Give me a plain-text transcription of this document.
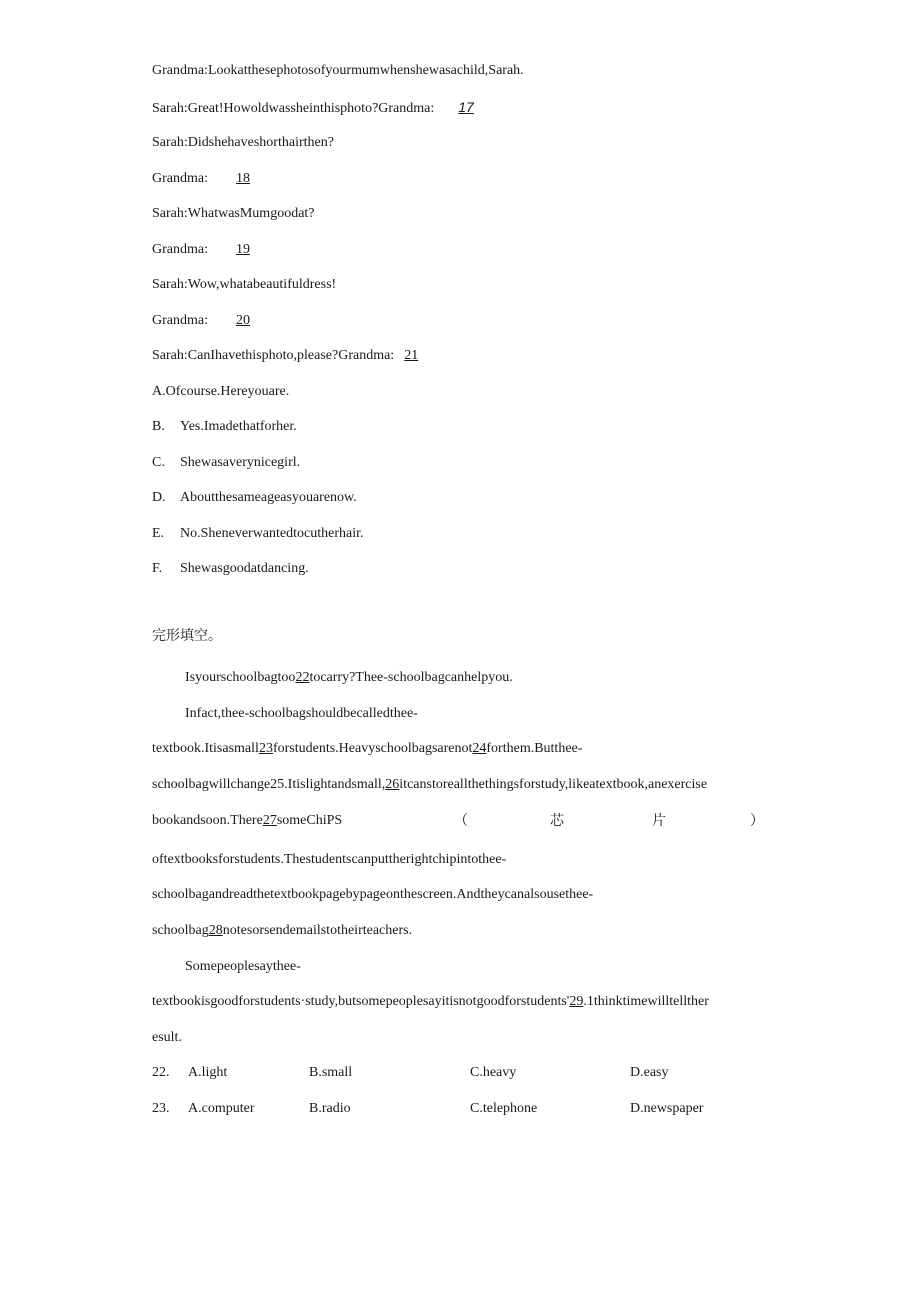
Grandma:Lookatthesephotosofyourmumwhenshewasachild,Sarah.
Sarah:Great!Howoldwassheinthisphoto?Grandma: 17
Sarah:Didshehaveshorthairthen?
Grandma: 18
Sarah:WhatwasMumgoodat?
Grandma: 19
Sarah:Wow,whatabeautifuldress!
Grandma: 20
Sarah:CanIhavethisphoto,please?Grandma: 21
A.Ofcourse.Hereyouare.
B. Yes.Imadethatforher.
C. Shewasaverynicegirl.
D. Aboutthesameageasyouarenow.
E. No.Sheneverwantedtocutherhair.
F. Shewasgoodatdancing.
完形填空。
Isyourschoolbagtoo22tocarry?Thee-schoolbagcanhelpyou.
Infact,thee-schoolbagshouldbecalledthee-
textbook.Itisasmall23forstudents.Heavyschoolbagsarenot24forthem.Butthee-
schoolbagwillchange25.Itislightandsmall,26itcanstoreallthethingsforstudy,likeatextbook,anexercise
bookandsoon.There27someChiPS	（	芯	片	）
oftextbooksforstudents.Thestudentscanputtherightchipintothee-
schoolbagandreadthetextbookpagebypageonthescreen.Andtheycanalsousethee-
schoolbag28notesorsendemailstotheirteachers.
Somepeoplesaythee-
textbookisgoodforstudents·study,butsomepeoplesayitisnotgoodforstudents'29.1thinktimewilltellther
esult.
22. A.light	B.small	C.heavy	D.easy
23. A.computer	B.radio	C.telephone	D.newspaper
